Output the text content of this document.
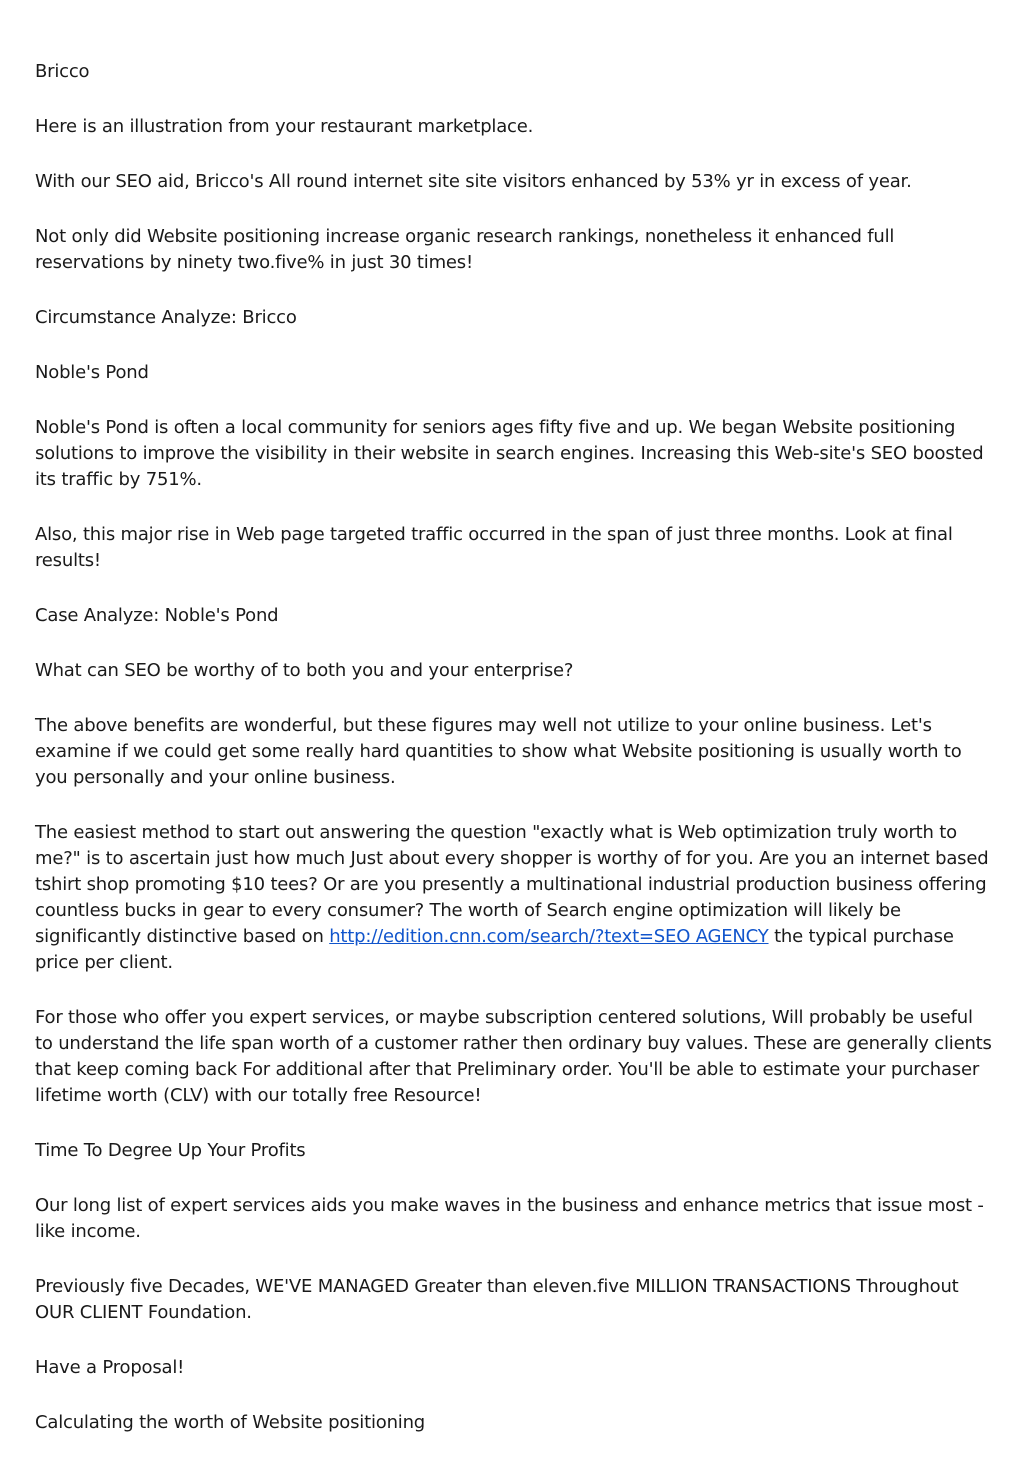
Bricco

Here is an illustration from your restaurant marketplace.

With our SEO aid, Bricco's All round internet site site visitors enhanced by 53% yr in excess of year.

Not only did Website positioning increase organic research rankings, nonetheless it enhanced full reservations by ninety two.five% in just 30 times!

Circumstance Analyze: Bricco

Noble's Pond

Noble's Pond is often a local community for seniors ages fifty five and up. We began Website positioning solutions to improve the visibility in their website in search engines. Increasing this Web-site's SEO boosted its traffic by 751%.

Also, this major rise in Web page targeted traffic occurred in the span of just three months. Look at final results!

Case Analyze: Noble's Pond

What can SEO be worthy of to both you and your enterprise?

The above benefits are wonderful, but these figures may well not utilize to your online business. Let's examine if we could get some really hard quantities to show what Website positioning is usually worth to you personally and your online business.

The easiest method to start out answering the question "exactly what is Web optimization truly worth to me?" is to ascertain just how much Just about every shopper is worthy of for you. Are you an internet based tshirt shop promoting $10 tees? Or are you presently a multinational industrial production business offering countless bucks in gear to every consumer? The worth of Search engine optimization will likely be significantly distinctive based on http://edition.cnn.com/search/?text=SEO AGENCY the typical purchase price per client.

For those who offer you expert services, or maybe subscription centered solutions, Will probably be useful to understand the life span worth of a customer rather then ordinary buy values. These are generally clients that keep coming back For additional after that Preliminary order. You'll be able to estimate your purchaser lifetime worth (CLV) with our totally free Resource!

Time To Degree Up Your Profits

Our long list of expert services aids you make waves in the business and enhance metrics that issue most - like income.

Previously five Decades, WE'VE MANAGED Greater than eleven.five MILLION TRANSACTIONS Throughout OUR CLIENT Foundation.

Have a Proposal!

Calculating the worth of Website positioning
